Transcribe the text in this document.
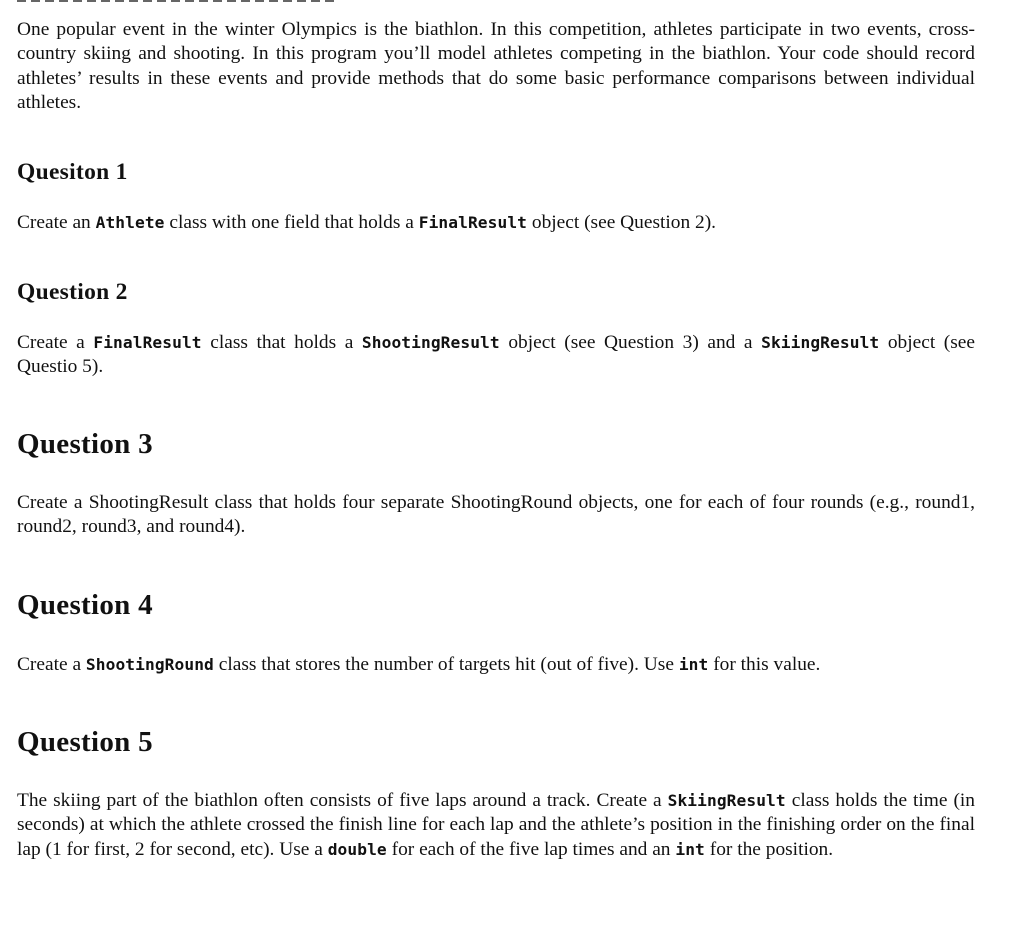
One popular event in the winter Olympics is the biathlon. In this competition, athletes participate in two events, cross-country skiing and shooting. In this program you’ll model athletes competing in the biathlon. Your code should record athletes’ results in these events and provide methods that do some basic performance comparisons between individual athletes.

Quesiton 1

Create an Athlete class with one field that holds a FinalResult object (see Question 2).

Question 2

Create a FinalResult class that holds a ShootingResult object (see Question 3) and a SkiingResult object (see Questio 5).

Question 3

Create a ShootingResult class that holds four separate ShootingRound objects, one for each of four rounds (e.g., round1, round2, round3, and round4).

Question 4

Create a ShootingRound class that stores the number of targets hit (out of five). Use int for this value.

Question 5

The skiing part of the biathlon often consists of five laps around a track. Create a SkiingResult class holds the time (in seconds) at which the athlete crossed the finish line for each lap and the athlete’s position in the finishing order on the final lap (1 for first, 2 for second, etc). Use a double for each of the five lap times and an int for the position.
